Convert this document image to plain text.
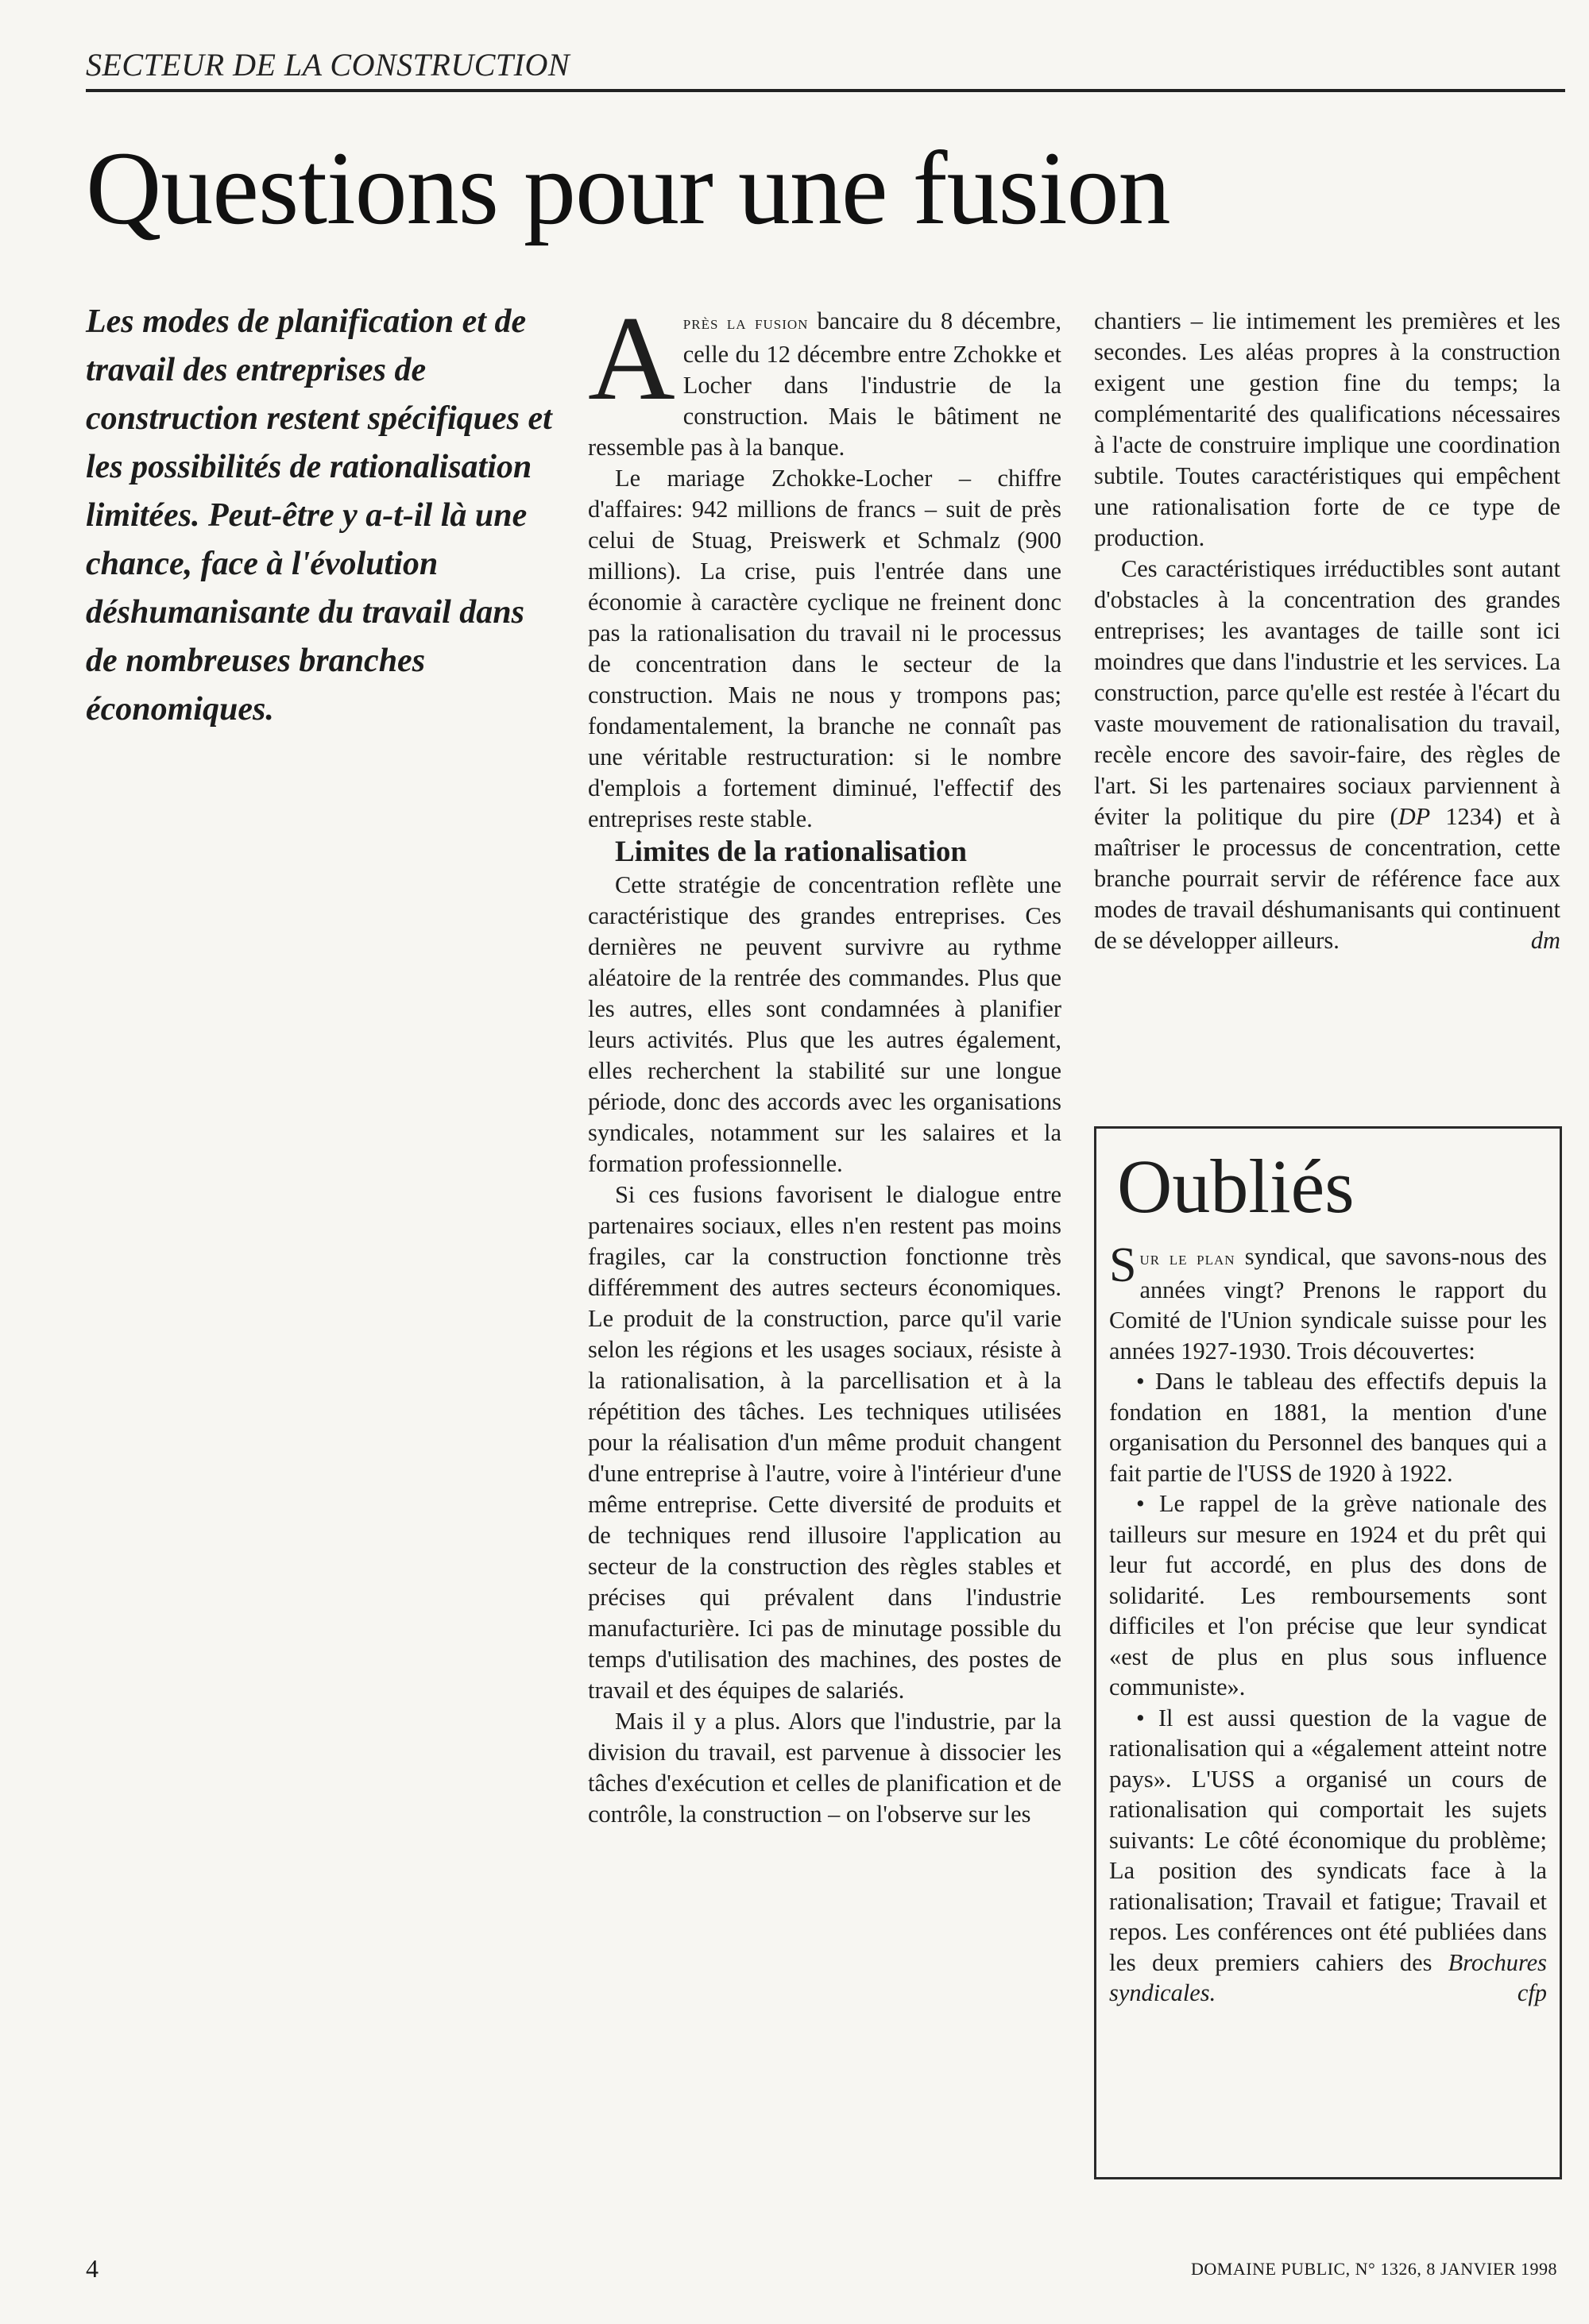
SECTEUR DE LA CONSTRUCTION
Questions pour une fusion

Les modes de planification et de travail des entreprises de construction restent spécifiques et les possibilités de rationalisation limitées. Peut-être y a-t-il là une chance, face à l'évolution déshumanisante du travail dans de nombreuses branches économiques.

Après la fusion bancaire du 8 décembre, celle du 12 décembre entre Zchokke et Locher dans l'industrie de la construction. Mais le bâtiment ne ressemble pas à la banque.

Le mariage Zchokke-Locher – chiffre d'affaires: 942 millions de francs – suit de près celui de Stuag, Preiswerk et Schmalz (900 millions). La crise, puis l'entrée dans une économie à caractère cyclique ne freinent donc pas la rationalisation du travail ni le processus de concentration dans le secteur de la construction. Mais ne nous y trompons pas; fondamentalement, la branche ne connaît pas une véritable restructuration: si le nombre d'emplois a fortement diminué, l'effectif des entreprises reste stable.

Limites de la rationalisation

Cette stratégie de concentration reflète une caractéristique des grandes entreprises. Ces dernières ne peuvent survivre au rythme aléatoire de la rentrée des commandes. Plus que les autres, elles sont condamnées à planifier leurs activités. Plus que les autres également, elles recherchent la stabilité sur une longue période, donc des accords avec les organisations syndicales, notamment sur les salaires et la formation professionnelle.

Si ces fusions favorisent le dialogue entre partenaires sociaux, elles n'en restent pas moins fragiles, car la construction fonctionne très différemment des autres secteurs économiques. Le produit de la construction, parce qu'il varie selon les régions et les usages sociaux, résiste à la rationalisation, à la parcellisation et à la répétition des tâches. Les techniques utilisées pour la réalisation d'un même produit changent d'une entreprise à l'autre, voire à l'intérieur d'une même entreprise. Cette diversité de produits et de techniques rend illusoire l'application au secteur de la construction des règles stables et précises qui prévalent dans l'industrie manufacturière. Ici pas de minutage possible du temps d'utilisation des machines, des postes de travail et des équipes de salariés.

Mais il y a plus. Alors que l'industrie, par la division du travail, est parvenue à dissocier les tâches d'exécution et celles de planification et de contrôle, la construction – on l'observe sur les

chantiers – lie intimement les premières et les secondes. Les aléas propres à la construction exigent une gestion fine du temps; la complémentarité des qualifications nécessaires à l'acte de construire implique une coordination subtile. Toutes caractéristiques qui empêchent une rationalisation forte de ce type de production.

Ces caractéristiques irréductibles sont autant d'obstacles à la concentration des grandes entreprises; les avantages de taille sont ici moindres que dans l'industrie et les services. La construction, parce qu'elle est restée à l'écart du vaste mouvement de rationalisation du travail, recèle encore des savoir-faire, des règles de l'art. Si les partenaires sociaux parviennent à éviter la politique du pire (DP 1234) et à maîtriser le processus de concentration, cette branche pourrait servir de référence face aux modes de travail déshumanisants qui continuent de se développer ailleurs.	dm

Oubliés

Sur le plan syndical, que savons-nous des années vingt? Prenons le rapport du Comité de l'Union syndicale suisse pour les années 1927-1930. Trois découvertes:

• Dans le tableau des effectifs depuis la fondation en 1881, la mention d'une organisation du Personnel des banques qui a fait partie de l'USS de 1920 à 1922.

• Le rappel de la grève nationale des tailleurs sur mesure en 1924 et du prêt qui leur fut accordé, en plus des dons de solidarité. Les remboursements sont difficiles et l'on précise que leur syndicat «est de plus en plus sous influence communiste».

• Il est aussi question de la vague de rationalisation qui a «également atteint notre pays». L'USS a organisé un cours de rationalisation qui comportait les sujets suivants: Le côté économique du problème; La position des syndicats face à la rationalisation; Travail et fatigue; Travail et repos. Les conférences ont été publiées dans les deux premiers cahiers des Brochures syndicales.	cfp

4	DOMAINE PUBLIC, N° 1326, 8 JANVIER 1998
